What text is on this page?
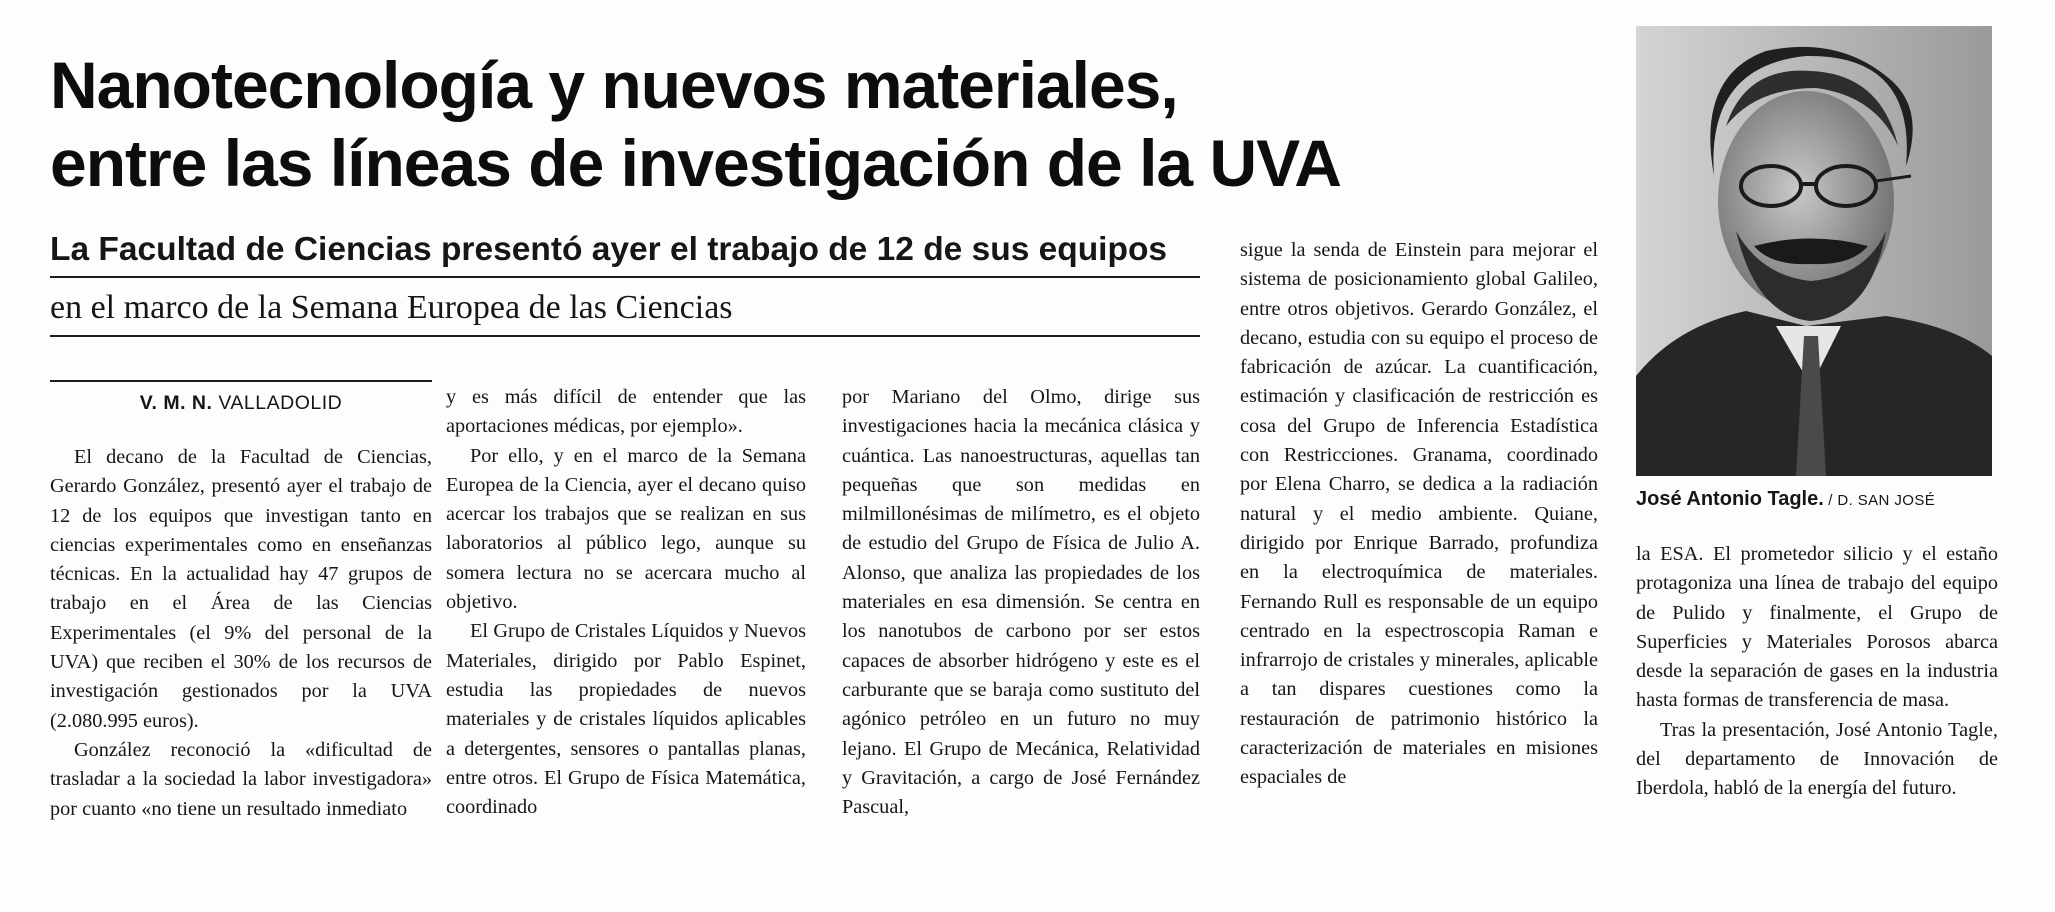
Nanotecnología y nuevos materiales,
entre las líneas de investigación de la UVA
La Facultad de Ciencias presentó ayer el trabajo de 12 de sus equipos
en el marco de la Semana Europea de las Ciencias
V. M. N. VALLADOLID

El decano de la Facultad de Ciencias, Gerardo González, presentó ayer el trabajo de 12 de los equipos que investigan tanto en ciencias experimentales como en enseñanzas técnicas. En la actualidad hay 47 grupos de trabajo en el Área de las Ciencias Experimentales (el 9% del personal de la UVA) que reciben el 30% de los recursos de investigación gestionados por la UVA (2.080.995 euros).

González reconoció la «dificultad de trasladar a la sociedad la labor investigadora» por cuanto «no tiene un resultado inmediato

y es más difícil de entender que las aportaciones médicas, por ejemplo».

Por ello, y en el marco de la Semana Europea de la Ciencia, ayer el decano quiso acercar los trabajos que se realizan en sus laboratorios al público lego, aunque su somera lectura no se acercara mucho al objetivo.

El Grupo de Cristales Líquidos y Nuevos Materiales, dirigido por Pablo Espinet, estudia las propiedades de nuevos materiales y de cristales líquidos aplicables a detergentes, sensores o pantallas planas, entre otros. El Grupo de Física Matemática, coordinado

por Mariano del Olmo, dirige sus investigaciones hacia la mecánica clásica y cuántica. Las nanoestructuras, aquellas tan pequeñas que son medidas en milmillonésimas de milímetro, es el objeto de estudio del Grupo de Física de Julio A. Alonso, que analiza las propiedades de los materiales en esa dimensión. Se centra en los nanotubos de carbono por ser estos capaces de absorber hidrógeno y este es el carburante que se baraja como sustituto del agónico petróleo en un futuro no muy lejano. El Grupo de Mecánica, Relatividad y Gravitación, a cargo de José Fernández Pascual,

sigue la senda de Einstein para mejorar el sistema de posicionamiento global Galileo, entre otros objetivos. Gerardo González, el decano, estudia con su equipo el proceso de fabricación de azúcar. La cuantificación, estimación y clasificación de restricción es cosa del Grupo de Inferencia Estadística con Restricciones. Granama, coordinado por Elena Charro, se dedica a la radiación natural y el medio ambiente. Quiane, dirigido por Enrique Barrado, profundiza en la electroquímica de materiales. Fernando Rull es responsable de un equipo centrado en la espectroscopia Raman e infrarrojo de cristales y minerales, aplicable a tan dispares cuestiones como la restauración de patrimonio histórico la caracterización de materiales en misiones espaciales de

José Antonio Tagle. / D. SAN JOSÉ

la ESA. El prometedor silicio y el estaño protagoniza una línea de trabajo del equipo de Pulido y finalmente, el Grupo de Superficies y Materiales Porosos abarca desde la separación de gases en la industria hasta formas de transferencia de masa.

Tras la presentación, José Antonio Tagle, del departamento de Innovación de Iberdola, habló de la energía del futuro.
